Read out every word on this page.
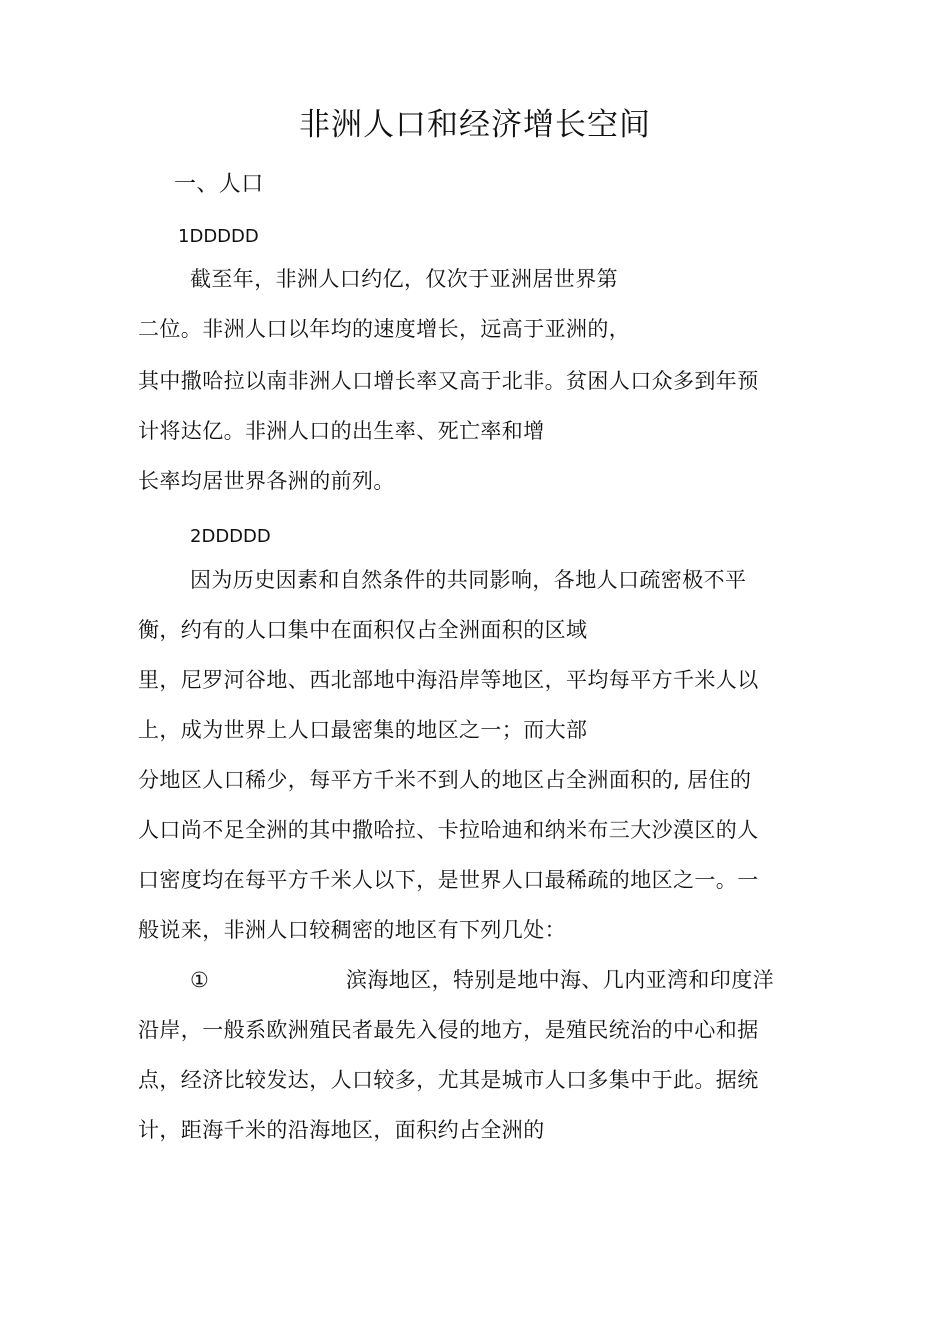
非洲人口和经济增长空间
一、人口
1DDDDD
截至年，非洲人口约亿，仅次于亚洲居世界第
二位。非洲人口以年均的速度增长，远高于亚洲的，
其中撒哈拉以南非洲人口增长率又高于北非。贫困人口众多到年预
计将达亿。非洲人口的出生率、死亡率和增
长率均居世界各洲的前列。
2DDDDD
因为历史因素和自然条件的共同影响，各地人口疏密极不平
衡，约有的人口集中在面积仅占全洲面积的区域
里，尼罗河谷地、西北部地中海沿岸等地区，平均每平方千米人以
上，成为世界上人口最密集的地区之一；而大部
分地区人口稀少，每平方千米不到人的地区占全洲面积的, 居住的
人口尚不足全洲的其中撒哈拉、卡拉哈迪和纳米布三大沙漠区的人
口密度均在每平方千米人以下，是世界人口最稀疏的地区之一。一
般说来，非洲人口较稠密的地区有下列几处：
①	滨海地区，特别是地中海、几内亚湾和印度洋
沿岸，一般系欧洲殖民者最先入侵的地方，是殖民统治的中心和据
点，经济比较发达，人口较多，尤其是城市人口多集中于此。据统
计，距海千米的沿海地区，面积约占全洲的
